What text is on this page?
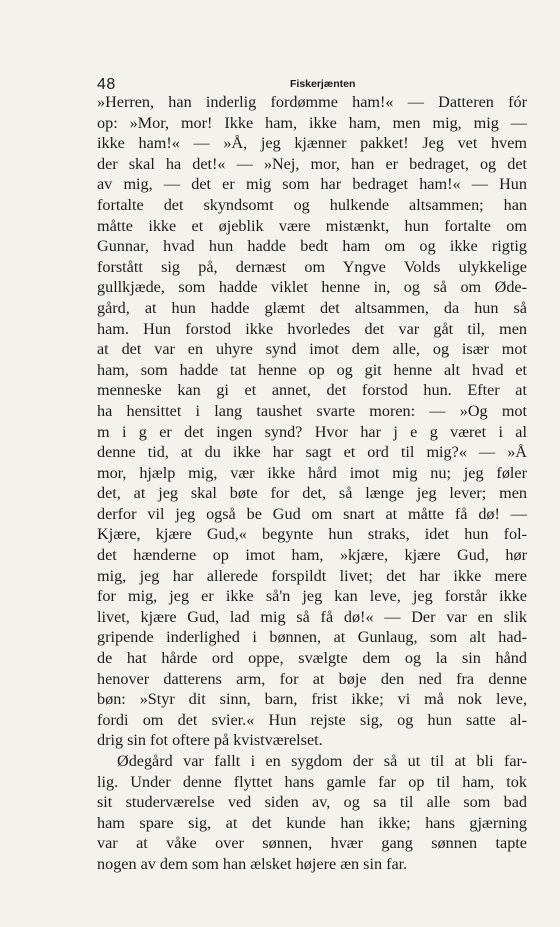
48	Fiskerjænten
»Herren, han inderlig fordømme ham!« — Datteren fór
op: »Mor, mor! Ikke ham, ikke ham, men mig, mig —
ikke ham!« — »Å, jeg kjænner pakket! Jeg vet hvem
der skal ha det!« — »Nej, mor, han er bedraget, og det
av mig, — det er mig som har bedraget ham!« — Hun
fortalte det skyndsomt og hulkende altsammen; han
måtte ikke et øjeblik være mistænkt, hun fortalte om
Gunnar, hvad hun hadde bedt ham om og ikke rigtig
forstått sig på, dernæst om Yngve Volds ulykkelige
gullkjæde, som hadde viklet henne in, og så om Øde-
gård, at hun hadde glæmt det altsammen, da hun så
ham. Hun forstod ikke hvorledes det var gåt til, men
at det var en uhyre synd imot dem alle, og især mot
ham, som hadde tat henne op og git henne alt hvad et
menneske kan gi et annet, det forstod hun. Efter at
ha hensittet i lang taushet svarte moren: — »Og mot
m i g er det ingen synd? Hvor har j e g været i al
denne tid, at du ikke har sagt et ord til mig?« — »Å
mor, hjælp mig, vær ikke hård imot mig nu; jeg føler
det, at jeg skal bøte for det, så længe jeg lever; men
derfor vil jeg også be Gud om snart at måtte få dø! —
Kjære, kjære Gud,« begynte hun straks, idet hun fol-
det hænderne op imot ham, »kjære, kjære Gud, hør
mig, jeg har allerede forspildt livet; det har ikke mere
for mig, jeg er ikke så'n jeg kan leve, jeg forstår ikke
livet, kjære Gud, lad mig så få dø!« — Der var en slik
gripende inderlighed i bønnen, at Gunlaug, som alt had-
de hat hårde ord oppe, svælgte dem og la sin hånd
henover datterens arm, for at bøje den ned fra denne
bøn: »Styr dit sinn, barn, frist ikke; vi må nok leve,
fordi om det svier.« Hun rejste sig, og hun satte al-
drig sin fot oftere på kvistværelset.
Ødegård var fallt i en sygdom der så ut til at bli far-
lig. Under denne flyttet hans gamle far op til ham, tok
sit studerværelse ved siden av, og sa til alle som bad
ham spare sig, at det kunde han ikke; hans gjærning
var at våke over sønnen, hvær gang sønnen tapte
nogen av dem som han ælsket højere æn sin far.
